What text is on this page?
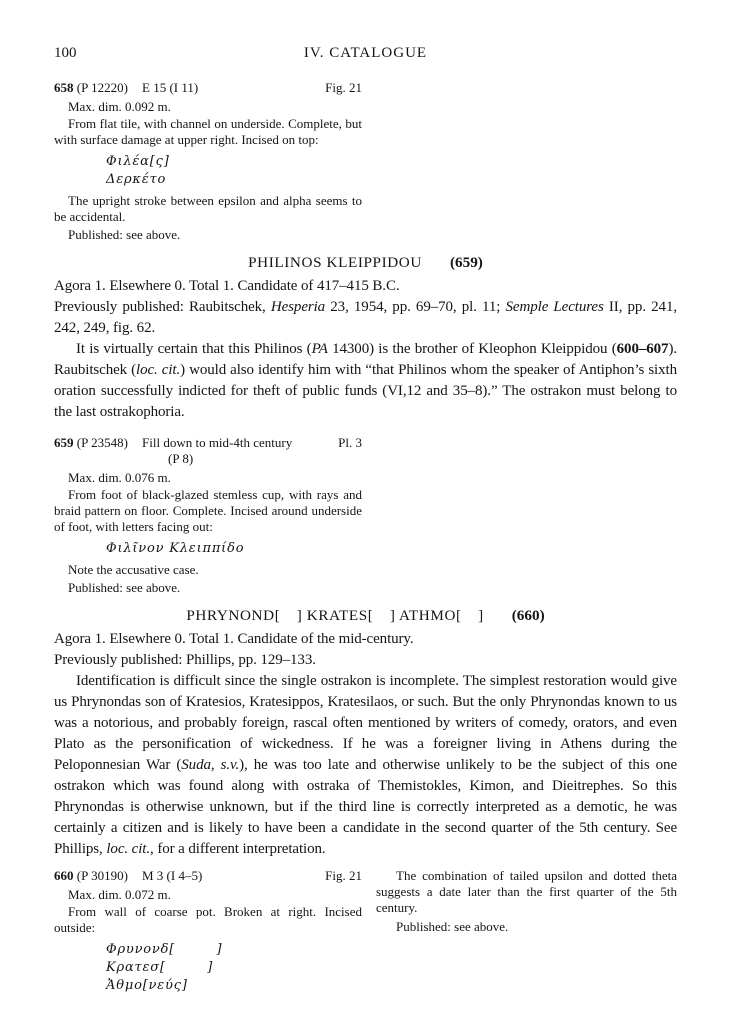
100	IV. CATALOGUE
658 (P 12220)	E 15 (I 11)	Fig. 21
Max. dim. 0.092 m.

From flat tile, with channel on underside. Complete, but with surface damage at upper right. Incised on top:

Φιλέα[ς]
Δερκέτο

The upright stroke between epsilon and alpha seems to be accidental.

Published: see above.
PHILINOS KLEIPPIDOU (659)

Agora 1. Elsewhere 0. Total 1. Candidate of 417–415 B.C.

Previously published: Raubitschek, Hesperia 23, 1954, pp. 69–70, pl. 11; Semple Lectures II, pp. 241, 242, 249, fig. 62.

It is virtually certain that this Philinos (PA 14300) is the brother of Kleophon Kleippidou (600–607). Raubitschek (loc. cit.) would also identify him with “that Philinos whom the speaker of Antiphon’s sixth oration successfully indicted for theft of public funds (VI,12 and 35–8).” The ostrakon must belong to the last ostrakophoria.

659 (P 23548)	Fill down to mid-4th century	Pl. 3
(P 8)
Max. dim. 0.076 m.

From foot of black-glazed stemless cup, with rays and braid pattern on floor. Complete. Incised around underside of foot, with letters facing out:

Φιλῖνον Κλειππίδο

Note the accusative case.

Published: see above.
PHRYNOND[  ] KRATES[  ] ATHMO[  ] (660)

Agora 1. Elsewhere 0. Total 1. Candidate of the mid-century.

Previously published: Phillips, pp. 129–133.

Identification is difficult since the single ostrakon is incomplete. The simplest restoration would give us Phrynondas son of Kratesios, Kratesippos, Kratesilaos, or such. But the only Phrynondas known to us was a notorious, and probably foreign, rascal often mentioned by writers of comedy, orators, and even Plato as the personification of wickedness. If he was a foreigner living in Athens during the Peloponnesian War (Suda, s.v.), he was too late and otherwise unlikely to be the subject of this one ostrakon which was found along with ostraka of Themistokles, Kimon, and Dieitrephes. So this Phrynondas is otherwise unknown, but if the third line is correctly interpreted as a demotic, he was certainly a citizen and is likely to have been a candidate in the second quarter of the 5th century. See Phillips, loc. cit., for a different interpretation.

660 (P 30190)	M 3 (I 4–5)	Fig. 21
Max. dim. 0.072 m.

From wall of coarse pot. Broken at right. Incised outside:

Φρυνονδ[   ]
Κρατεσ[   ]
Ἀθμο[νεύς]

The combination of tailed upsilon and dotted theta suggests a date later than the first quarter of the 5th century.

Published: see above.
